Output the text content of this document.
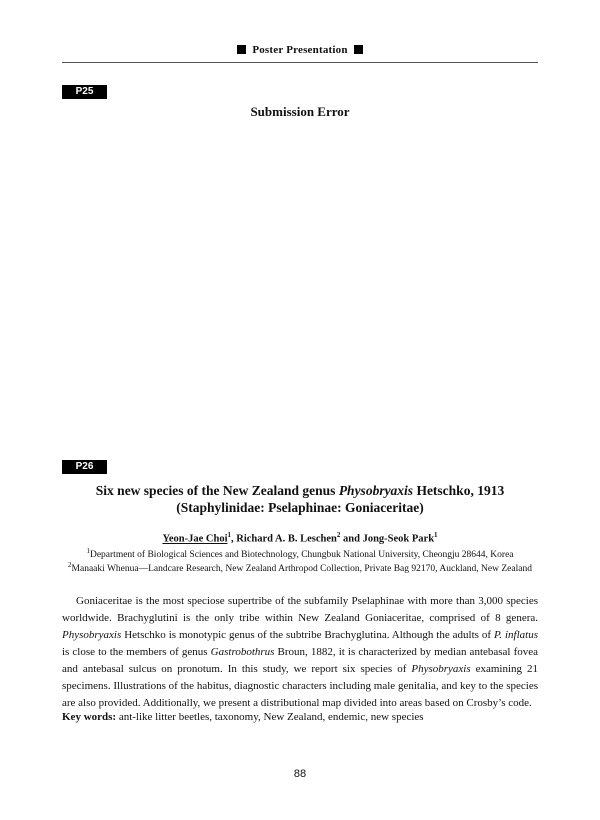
Poster Presentation
P25
Submission Error
P26
Six new species of the New Zealand genus Physobryaxis Hetschko, 1913
(Staphylinidae: Pselaphinae: Goniaceritae)
Yeon-Jae Choi$^1$, Richard A. B. Leschen$^2$ and Jong-Seok Park$^1$
$^1$Department of Biological Sciences and Biotechnology, Chungbuk National University, Cheongju 28644, Korea
$^2$Manaaki Whenua—Landcare Research, New Zealand Arthropod Collection, Private Bag 92170, Auckland, New Zealand
Goniaceritae is the most speciose supertribe of the subfamily Pselaphinae with more than 3,000 species worldwide. Brachyglutini is the only tribe within New Zealand Goniaceritae, comprised of 8 genera. Physobryaxis Hetschko is monotypic genus of the subtribe Brachyglutina. Although the adults of P. inflatus is close to the members of genus Gastrobothrus Broun, 1882, it is characterized by median antebasal fovea and antebasal sulcus on pronotum. In this study, we report six species of Physobryaxis examining 21 specimens. Illustrations of the habitus, diagnostic characters including male genitalia, and key to the species are also provided. Additionally, we present a distributional map divided into areas based on Crosby’s code.
Key words: ant-like litter beetles, taxonomy, New Zealand, endemic, new species
88
